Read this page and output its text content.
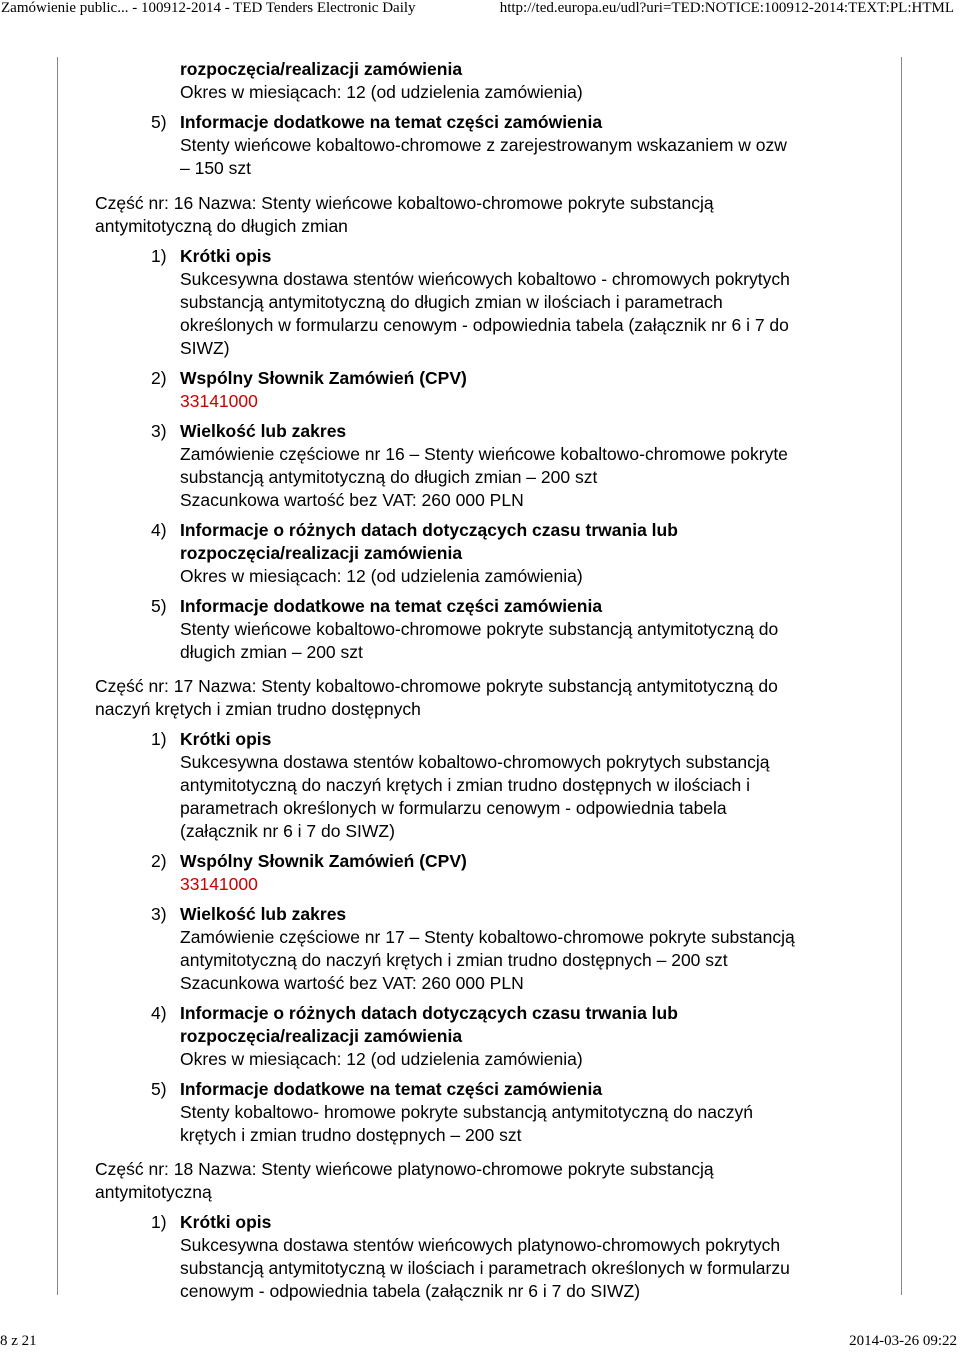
Zamówienie public... - 100912-2014 - TED Tenders Electronic Daily	http://ted.europa.eu/udl?uri=TED:NOTICE:100912-2014:TEXT:PL:HTML
rozpoczęcia/realizacji zamówienia
Okres w miesiącach: 12 (od udzielenia zamówienia)
5) Informacje dodatkowe na temat części zamówienia
Stenty wieńcowe kobaltowo-chromowe z zarejestrowanym wskazaniem w ozw
– 150 szt
Część nr: 16 Nazwa: Stenty wieńcowe kobaltowo-chromowe pokryte substancją
antymitotyczną do długich zmian
1) Krótki opis
Sukcesywna dostawa stentów wieńcowych kobaltowo - chromowych pokrytych
substancją antymitotyczną do długich zmian w ilościach i parametrach
określonych w formularzu cenowym - odpowiednia tabela (załącznik nr 6 i 7 do
SIWZ)
2) Wspólny Słownik Zamówień (CPV)
33141000
3) Wielkość lub zakres
Zamówienie częściowe nr 16 – Stenty wieńcowe kobaltowo-chromowe pokryte
substancją antymitotyczną do długich zmian – 200 szt
Szacunkowa wartość bez VAT: 260 000 PLN
4) Informacje o różnych datach dotyczących czasu trwania lub
rozpoczęcia/realizacji zamówienia
Okres w miesiącach: 12 (od udzielenia zamówienia)
5) Informacje dodatkowe na temat części zamówienia
Stenty wieńcowe kobaltowo-chromowe pokryte substancją antymitotyczną do
długich zmian – 200 szt
Część nr: 17 Nazwa: Stenty kobaltowo-chromowe pokryte substancją antymitotyczną do
naczyń krętych i zmian trudno dostępnych
1) Krótki opis
Sukcesywna dostawa stentów kobaltowo-chromowych pokrytych substancją
antymitotyczną do naczyń krętych i zmian trudno dostępnych w ilościach i
parametrach określonych w formularzu cenowym - odpowiednia tabela
(załącznik nr 6 i 7 do SIWZ)
2) Wspólny Słownik Zamówień (CPV)
33141000
3) Wielkość lub zakres
Zamówienie częściowe nr 17 – Stenty kobaltowo-chromowe pokryte substancją
antymitotyczną do naczyń krętych i zmian trudno dostępnych – 200 szt
Szacunkowa wartość bez VAT: 260 000 PLN
4) Informacje o różnych datach dotyczących czasu trwania lub
rozpoczęcia/realizacji zamówienia
Okres w miesiącach: 12 (od udzielenia zamówienia)
5) Informacje dodatkowe na temat części zamówienia
Stenty kobaltowo- hromowe pokryte substancją antymitotyczną do naczyń
krętych i zmian trudno dostępnych – 200 szt
Część nr: 18 Nazwa: Stenty wieńcowe platynowo-chromowe pokryte substancją
antymitotyczną
1) Krótki opis
Sukcesywna dostawa stentów wieńcowych platynowo-chromowych pokrytych
substancją antymitotyczną w ilościach i parametrach określonych w formularzu
cenowym - odpowiednia tabela (załącznik nr 6 i 7 do SIWZ)
8 z 21	2014-03-26 09:22
